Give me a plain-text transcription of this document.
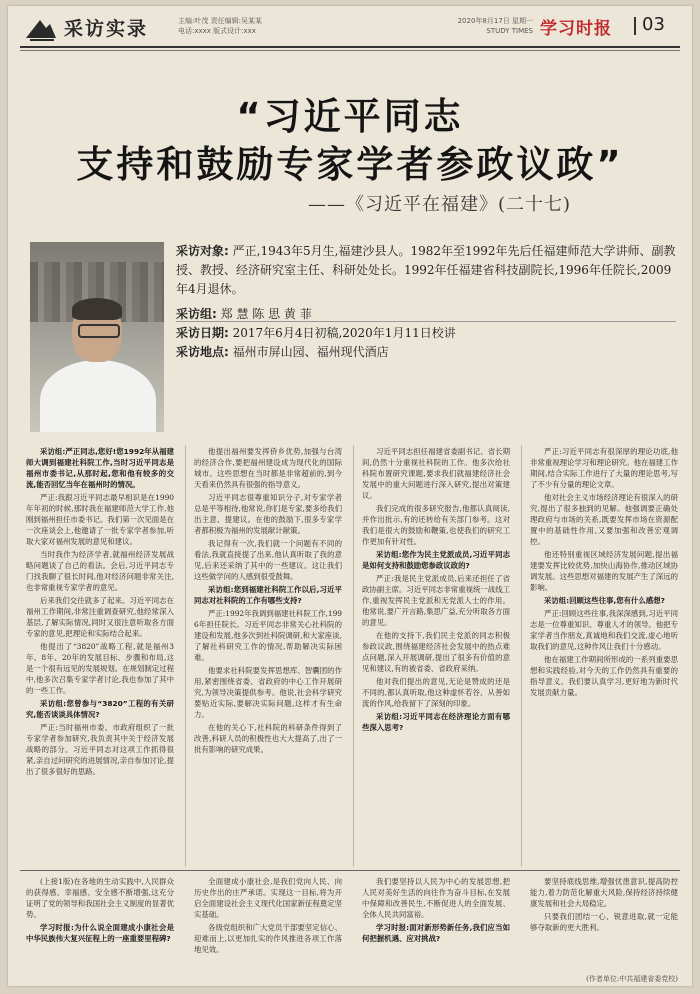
采访实录	主编:叶茂 责任编辑:吴某某
电话:xxxx 版式设计:xxx
2020年8月17日 星期一
STUDY TIMES 学习时报 03
“习近平同志
支持和鼓励专家学者参政议政”
——《习近平在福建》(二十七)
采访对象: 严正,1943年5月生,福建沙县人。1982年至1992年先后任福建师范大学讲师、副教授、教授、经济研究室主任、科研处处长。1992年任福建省科技副院长,1996年任院长,2009年4月退休。
采访组: 郑 慧 陈 思 黄 菲
采访日期: 2017年6月4日初稿,2020年1月11日校讲
采访地点: 福州市屏山园、福州现代酒店

采访组:严正同志,您好!您1992年从福建师大调到福建社科院工作,当时习近平同志是福州市委书记,从那时起,您和他有较多的交流,能否回忆当年在福州时的情况。

严正:我跟习近平同志最早相识是在1990年年初的时候,那时我在福建师范大学工作,他刚到福州担任市委书记。我们第一次见面是在一次座谈会上,他邀请了一批专家学者参加,听取大家对福州发展的意见和建议。

当时我作为经济学者,就福州经济发展战略问题谈了自己的看法。会后,习近平同志专门找我聊了很长时间,他对经济问题非常关注,也非常重视专家学者的意见。

后来我们交往就多了起来。习近平同志在福州工作期间,非常注重调查研究,他经常深入基层,了解实际情况,同时又很注意听取各方面专家的意见,把理论和实际结合起来。

他提出了“3820”战略工程,就是福州3年、8年、20年的发展目标、步骤和布局,这是一个很有远见的发展规划。在规划制定过程中,他多次召集专家学者讨论,我也参加了其中的一些工作。

采访组:您曾参与“3820”工程的有关研究,能否谈谈具体情况?

严正:当时福州市委、市政府组织了一批专家学者参加研究,我负责其中关于经济发展战略的部分。习近平同志对这项工作抓得很紧,亲自过问研究的进展情况,亲自参加讨论,提出了很多很好的思路。

他提出福州要发挥侨乡优势,加强与台湾的经济合作,要把福州建设成为现代化的国际城市。这些思想在当时都是非常超前的,到今天看来仍然具有很强的指导意义。

习近平同志很尊重知识分子,对专家学者总是平等相待,他常说,你们是专家,要多给我们出主意、提建议。在他的鼓励下,很多专家学者都积极为福州的发展献计献策。

我记得有一次,我们就一个问题有不同的看法,我就直接提了出来,他认真听取了我的意见,后来还采纳了其中的一些建议。这让我们这些做学问的人感到很受鼓舞。

采访组:您到福建社科院工作以后,习近平同志对社科院的工作有哪些支持?

严正:1992年我调到福建社科院工作,1996年担任院长。习近平同志非常关心社科院的建设和发展,他多次到社科院调研,和大家座谈,了解社科研究工作的情况,帮助解决实际困难。

他要求社科院要发挥思想库、智囊团的作用,紧密围绕省委、省政府的中心工作开展研究,为领导决策提供参考。他说,社会科学研究要贴近实际,要解决实际问题,这样才有生命力。

在他的关心下,社科院的科研条件得到了改善,科研人员的积极性也大大提高了,出了一批有影响的研究成果。

习近平同志担任福建省委副书记、省长期间,仍然十分重视社科院的工作。他多次给社科院布置研究课题,要求我们就福建经济社会发展中的重大问题进行深入研究,提出对策建议。

我们完成的很多研究报告,他都认真阅读,并作出批示,有的还转给有关部门参考。这对我们是很大的鼓励和鞭策,也使我们的研究工作更加有针对性。

采访组:您作为民主党派成员,习近平同志是如何支持和鼓励您参政议政的?

严正:我是民主党派成员,后来还担任了省政协副主席。习近平同志非常重视统一战线工作,重视发挥民主党派和无党派人士的作用。他常说,要广开言路,集思广益,充分听取各方面的意见。

在他的支持下,我们民主党派的同志积极参政议政,围绕福建经济社会发展中的热点难点问题,深入开展调研,提出了很多有价值的意见和建议,有的被省委、省政府采纳。

他对我们提出的意见,无论是赞成的还是不同的,都认真听取,他这种虚怀若谷、从善如流的作风,给我留下了深刻的印象。

采访组:习近平同志在经济理论方面有哪些深入思考?

严正:习近平同志有很深厚的理论功底,他非常重视理论学习和理论研究。他在福建工作期间,结合实际工作进行了大量的理论思考,写了不少有分量的理论文章。

他对社会主义市场经济理论有很深入的研究,提出了很多独到的见解。他强调要正确处理政府与市场的关系,既要发挥市场在资源配置中的基础性作用,又要加强和改善宏观调控。

他还特别重视区域经济发展问题,提出福建要发挥比较优势,加快山海协作,推动区域协调发展。这些思想对福建的发展产生了深远的影响。

采访组:回顾这些往事,您有什么感想?

严正:回顾这些往事,我深深感到,习近平同志是一位尊重知识、尊重人才的领导。他把专家学者当作朋友,真诚地和我们交流,虚心地听取我们的意见,这种作风让我们十分感动。

他在福建工作期间所形成的一系列重要思想和实践经验,对今天的工作仍然具有重要的指导意义。我们要认真学习,更好地为新时代发展贡献力量。

(上接1版)在各地的生动实践中,人民群众的获得感、幸福感、安全感不断增强,这充分证明了党的领导和我国社会主义制度的显著优势。

学习时报:为什么说全面建成小康社会是中华民族伟大复兴征程上的一座重要里程碑?

全面建成小康社会,是我们党向人民、向历史作出的庄严承诺。实现这一目标,将为开启全面建设社会主义现代化国家新征程奠定坚实基础。

各级党组织和广大党员干部要坚定信心、迎难而上,以更加扎实的作风推进各项工作落地见效。

我们要坚持以人民为中心的发展思想,把人民对美好生活的向往作为奋斗目标,在发展中保障和改善民生,不断促进人的全面发展、全体人民共同富裕。

学习时报:面对新形势新任务,我们应当如何把握机遇、应对挑战?

要坚持底线思维,增强忧患意识,提高防控能力,着力防范化解重大风险,保持经济持续健康发展和社会大局稳定。

只要我们团结一心、锐意进取,就一定能够夺取新的更大胜利。

(作者单位:中共福建省委党校)
